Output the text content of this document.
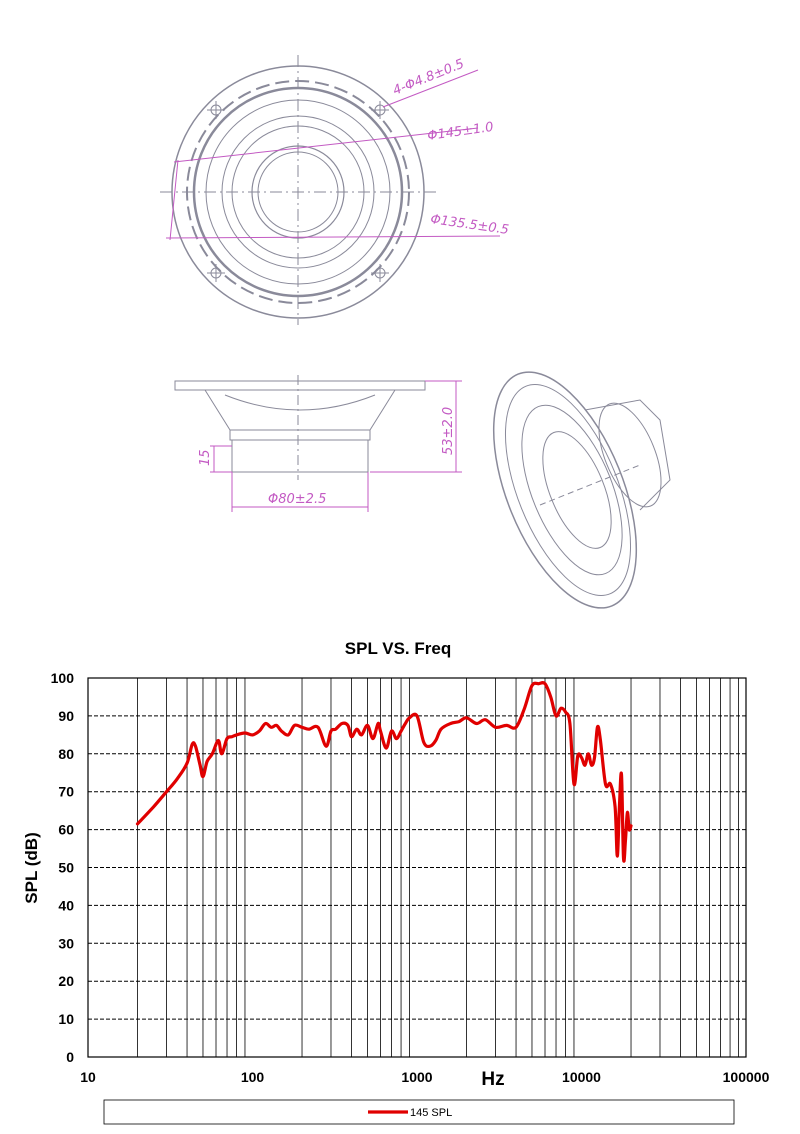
4-Φ4.8±0.5
Φ145±1.0
Φ135.5±0.5
53±2.0
15
Φ80±2.5
SPL VS. Freq
0
10
20
30
40
50
60
70
80
90
100
10	100	1000	10000	100000
SPL (dB)
Hz
145 SPL
